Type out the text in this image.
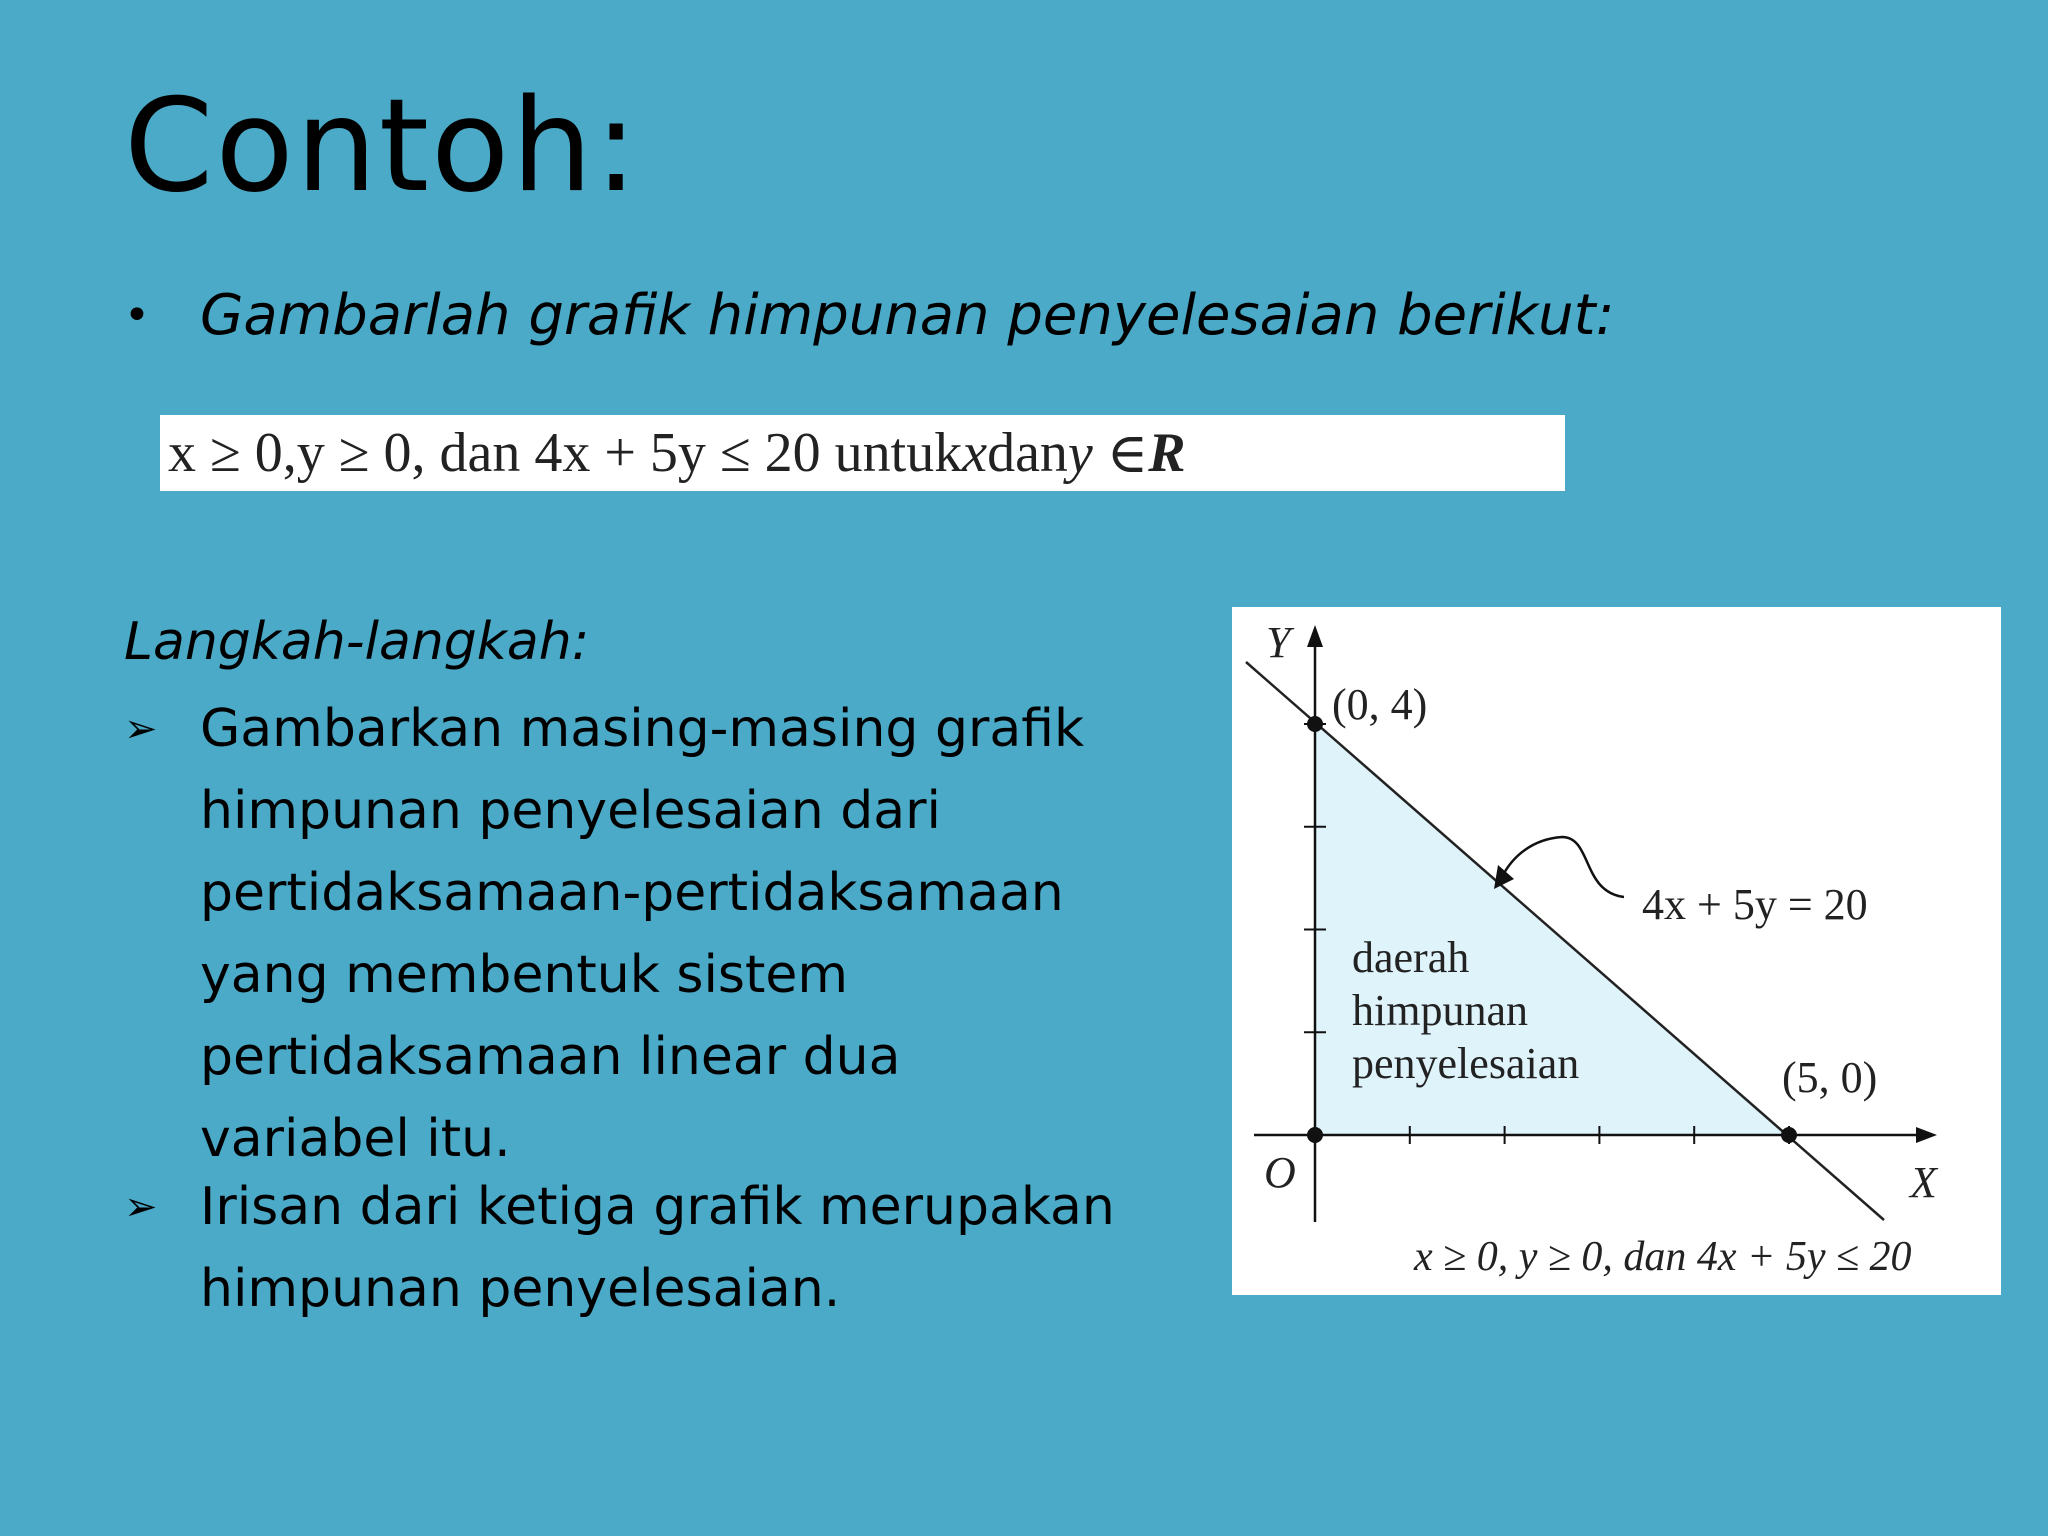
Contoh:
• Gambarlah grafik himpunan penyelesaian berikut:
x ≥ 0, y ≥ 0, dan 4x + 5y ≤ 20 untuk x dan y ∈ R
Langkah-langkah:
➢ Gambarkan masing-masing grafik himpunan penyelesaian dari pertidaksamaan-pertidaksamaan yang membentuk sistem pertidaksamaan linear dua variabel itu.
➢ Irisan dari ketiga grafik merupakan himpunan penyelesaian.
Y
X
O
(0, 4)
(5, 0)
4x + 5y = 20
daerah
himpunan
penyelesaian
x ≥ 0, y ≥ 0, dan 4x + 5y ≤ 20
